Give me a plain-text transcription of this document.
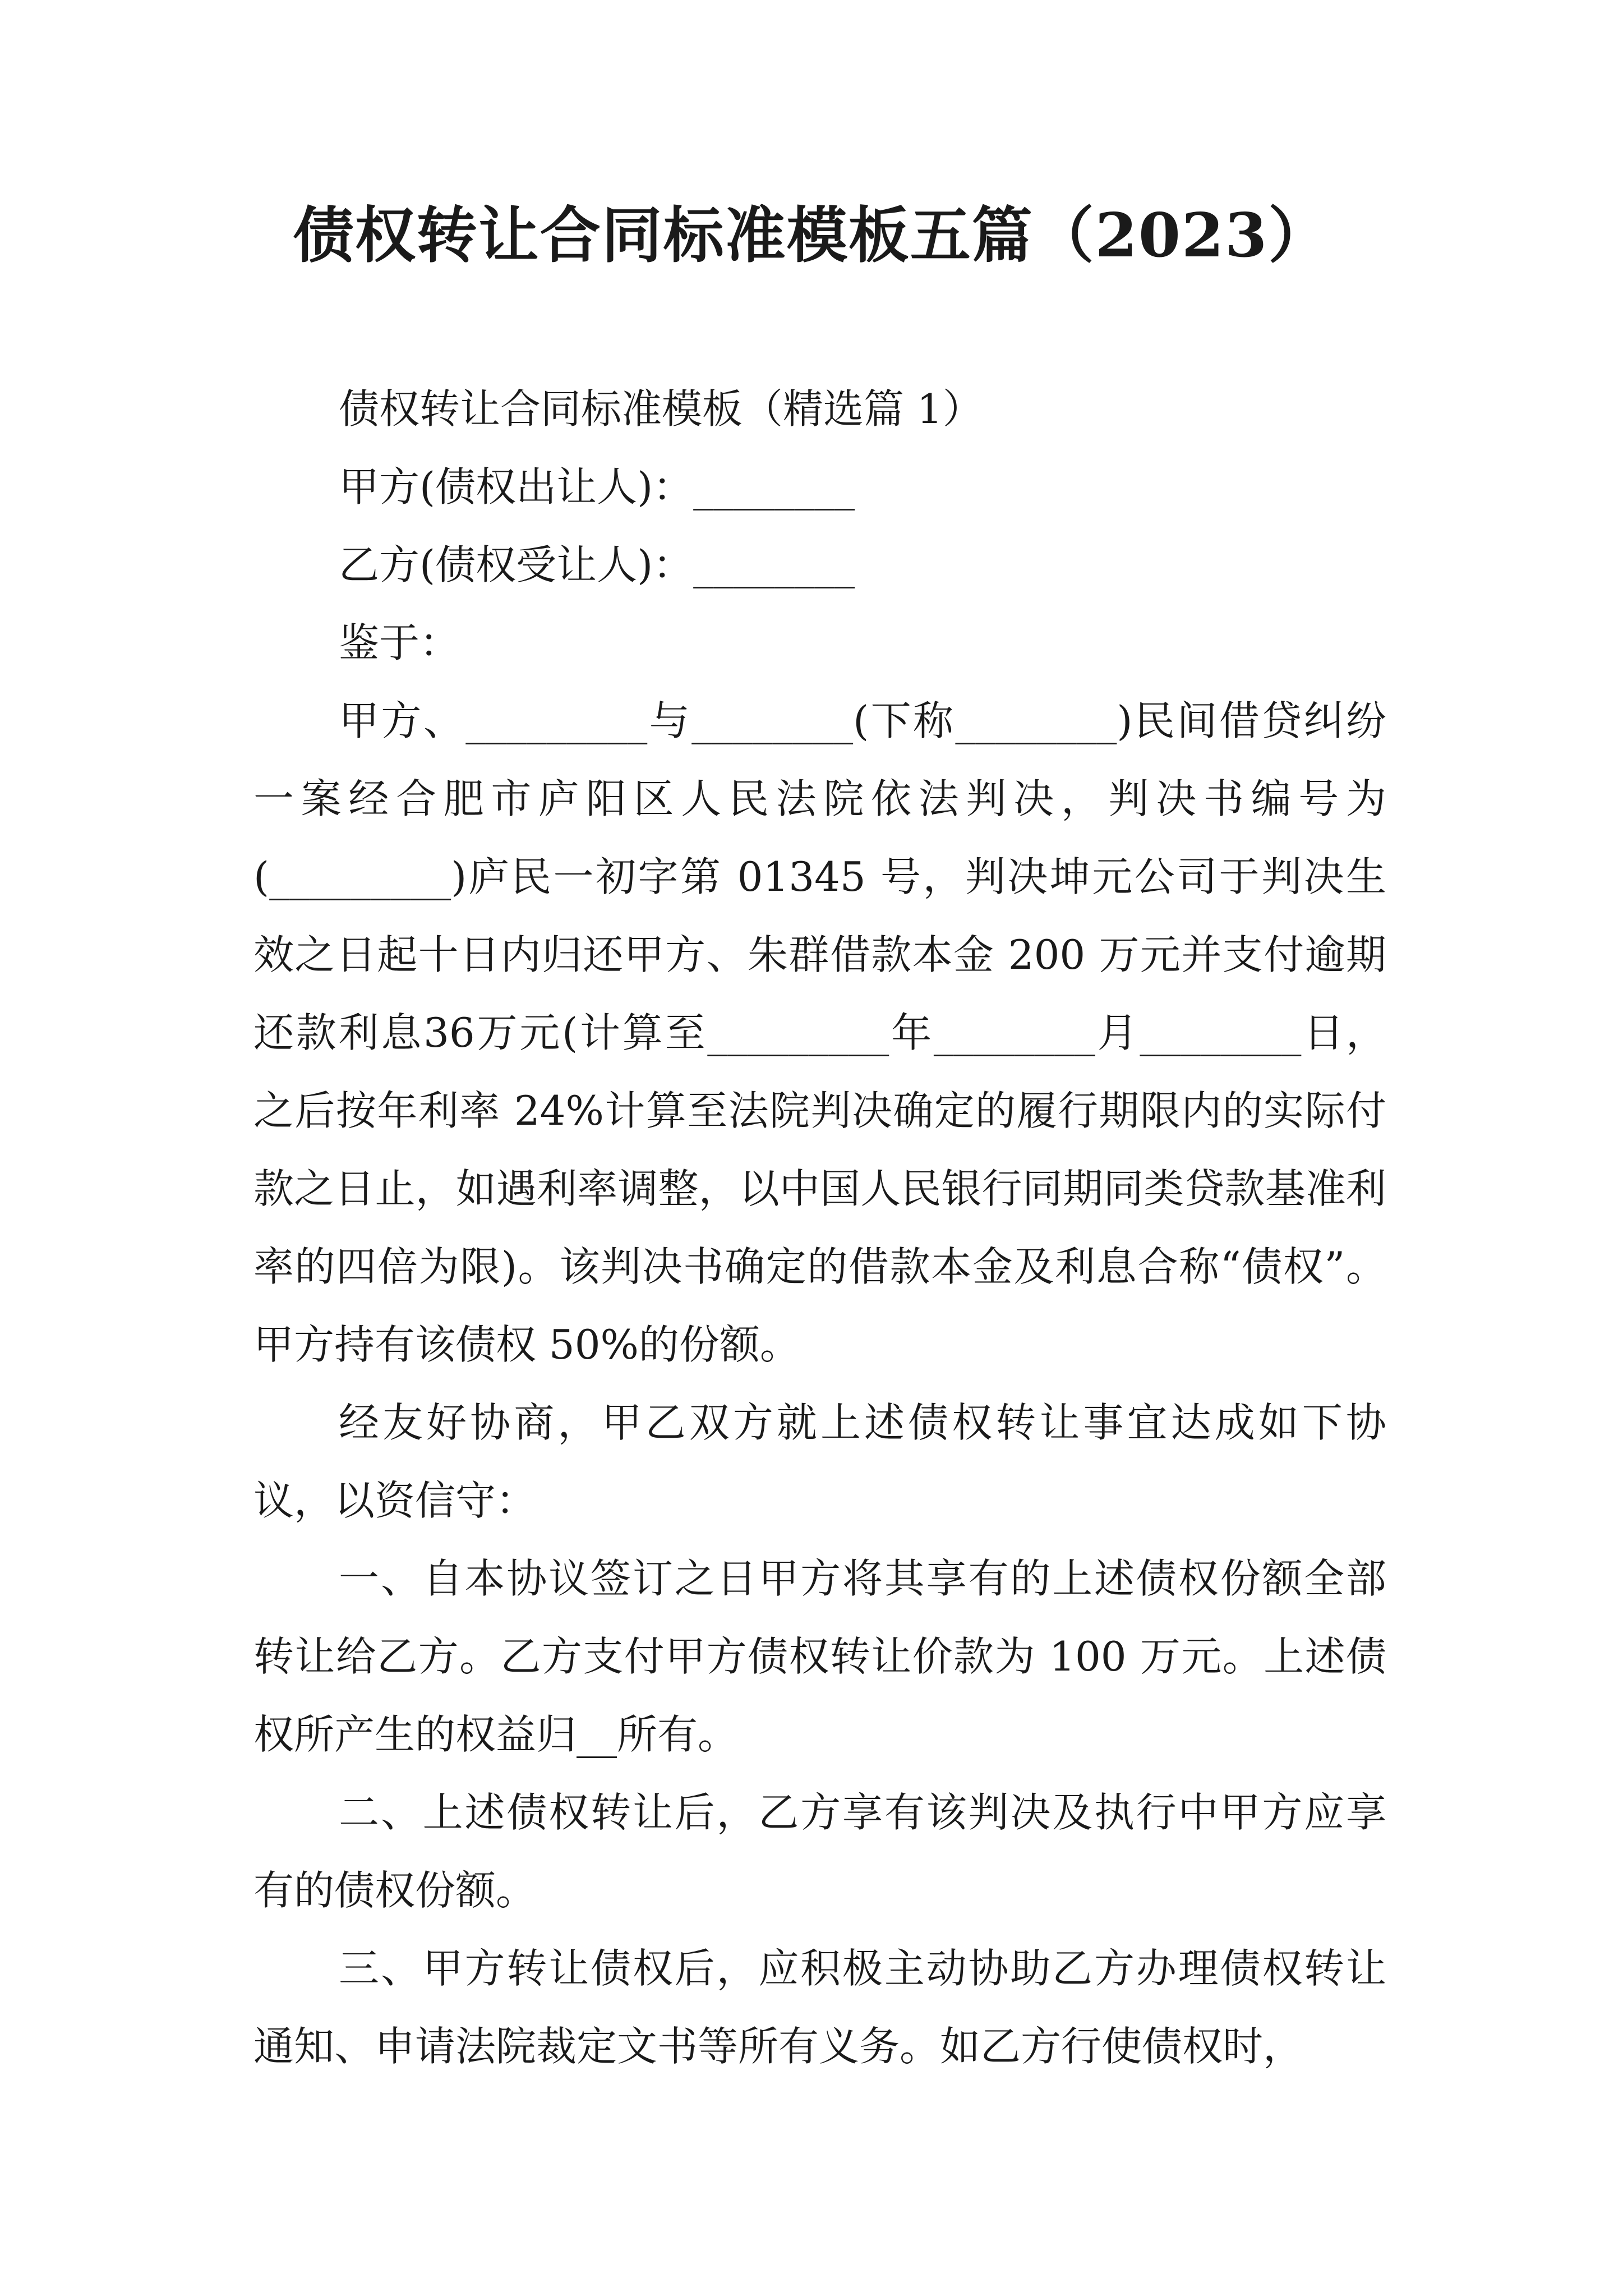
债权转让合同标准模板五篇（2023）

债权转让合同标准模板（精选篇 1）

甲方(债权出让人)：________

乙方(债权受让人)：________

鉴于：

甲方、_________与________(下称________)民间借贷纠纷一案经合肥市庐阳区人民法院依法判决，判决书编号为(_________)庐民一初字第 01345 号，判决坤元公司于判决生效之日起十日内归还甲方、朱群借款本金 200 万元并支付逾期还款利息36万元(计算至_________年________月________日，之后按年利率 24%计算至法院判决确定的履行期限内的实际付款之日止，如遇利率调整，以中国人民银行同期同类贷款基准利率的四倍为限)。该判决书确定的借款本金及利息合称“债权”。甲方持有该债权 50%的份额。

经友好协商，甲乙双方就上述债权转让事宜达成如下协议，以资信守：

一、自本协议签订之日甲方将其享有的上述债权份额全部转让给乙方。乙方支付甲方债权转让价款为 100 万元。上述债权所产生的权益归__所有。

二、上述债权转让后，乙方享有该判决及执行中甲方应享有的债权份额。

三、甲方转让债权后，应积极主动协助乙方办理债权转让通知、申请法院裁定文书等所有义务。如乙方行使债权时，
